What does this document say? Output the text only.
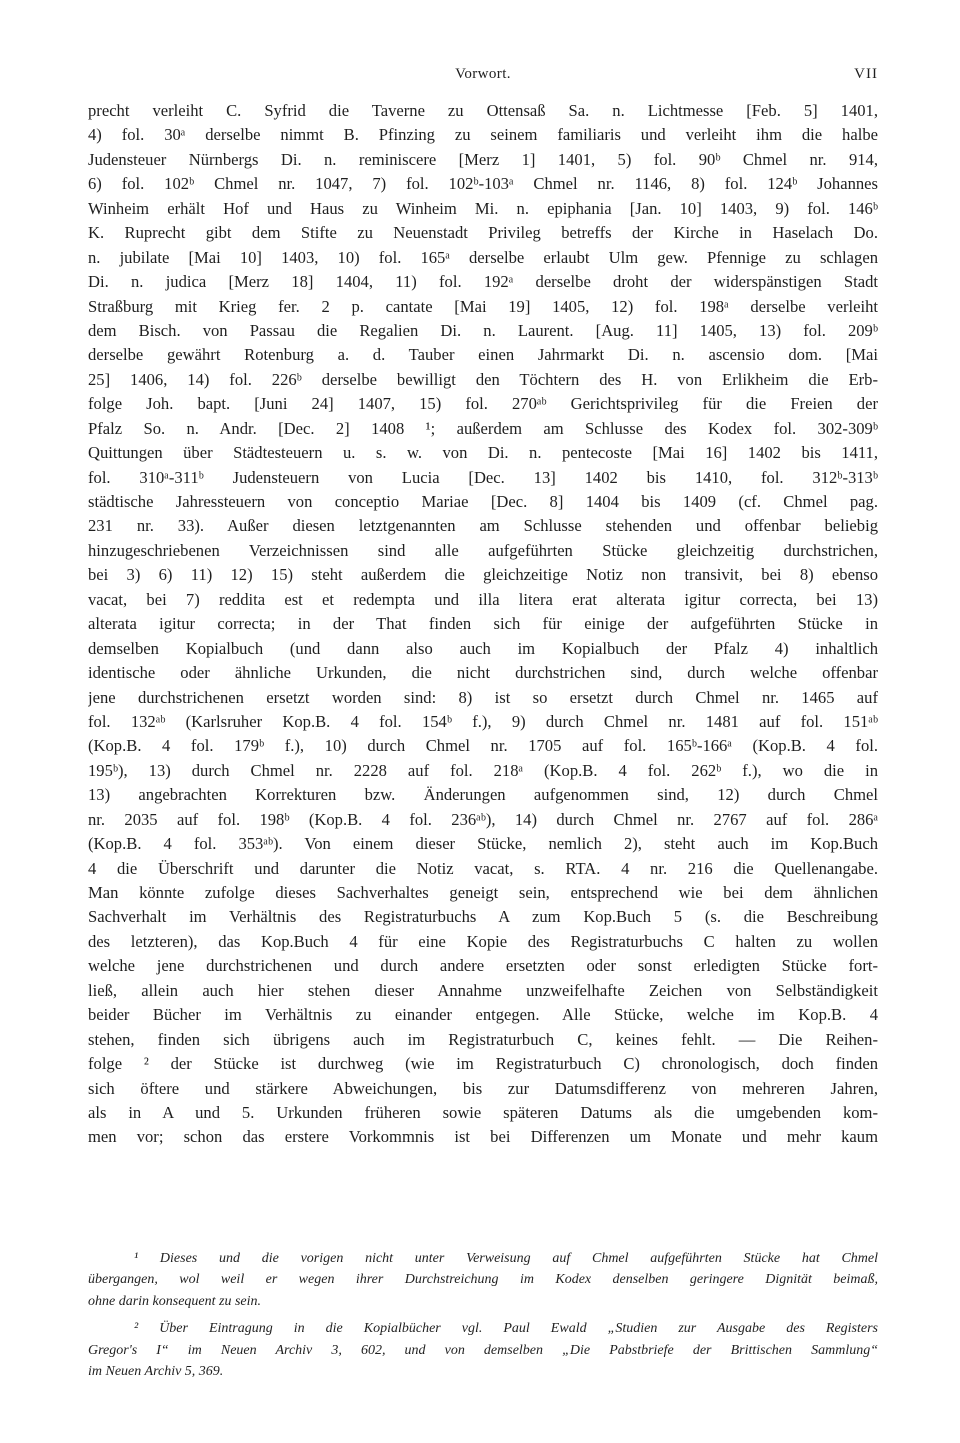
Vorwort.	VII
precht verleiht C. Syfrid die Taverne zu Ottensaß Sa. n. Lichtmesse [Feb. 5] 1401,
4) fol. 30ᵃ derselbe nimmt B. Pfinzing zu seinem familiaris und verleiht ihm die halbe
Judensteuer Nürnbergs Di. n. reminiscere [Merz 1] 1401, 5) fol. 90ᵇ Chmel nr. 914,
6) fol. 102ᵇ Chmel nr. 1047, 7) fol. 102ᵇ-103ᵃ Chmel nr. 1146, 8) fol. 124ᵇ Johannes
Winheim erhält Hof und Haus zu Winheim Mi. n. epiphania [Jan. 10] 1403, 9) fol. 146ᵇ
K. Ruprecht gibt dem Stifte zu Neuenstadt Privileg betreffs der Kirche in Haselach Do.
n. jubilate [Mai 10] 1403, 10) fol. 165ᵃ derselbe erlaubt Ulm gew. Pfennige zu schlagen
Di. n. judica [Merz 18] 1404, 11) fol. 192ᵃ derselbe droht der widerspänstigen Stadt
Straßburg mit Krieg fer. 2 p. cantate [Mai 19] 1405, 12) fol. 198ᵃ derselbe verleiht
dem Bisch. von Passau die Regalien Di. n. Laurent. [Aug. 11] 1405, 13) fol. 209ᵇ
derselbe gewährt Rotenburg a. d. Tauber einen Jahrmarkt Di. n. ascensio dom. [Mai
25] 1406, 14) fol. 226ᵇ derselbe bewilligt den Töchtern des H. von Erlikheim die Erb-
folge Joh. bapt. [Juni 24] 1407, 15) fol. 270ᵃᵇ Gerichtsprivileg für die Freien der
Pfalz So. n. Andr. [Dec. 2] 1408 ¹; außerdem am Schlusse des Kodex fol. 302-309ᵇ
Quittungen über Städtesteuern u. s. w. von Di. n. pentecoste [Mai 16] 1402 bis 1411,
fol. 310ᵃ-311ᵇ Judensteuern von Lucia [Dec. 13] 1402 bis 1410, fol. 312ᵇ-313ᵇ
städtische Jahressteuern von conceptio Mariae [Dec. 8] 1404 bis 1409 (cf. Chmel pag.
231 nr. 33). Außer diesen letztgenannten am Schlusse stehenden und offenbar beliebig
hinzugeschriebenen Verzeichnissen sind alle aufgeführten Stücke gleichzeitig durchstrichen,
bei 3) 6) 11) 12) 15) steht außerdem die gleichzeitige Notiz non transivit, bei 8) ebenso
vacat, bei 7) reddita est et redempta und illa litera erat alterata igitur correcta, bei 13)
alterata igitur correcta; in der That finden sich für einige der aufgeführten Stücke in
demselben Kopialbuch (und dann also auch im Kopialbuch der Pfalz 4) inhaltlich
identische oder ähnliche Urkunden, die nicht durchstrichen sind, durch welche offenbar
jene durchstrichenen ersetzt worden sind: 8) ist so ersetzt durch Chmel nr. 1465 auf
fol. 132ᵃᵇ (Karlsruher Kop.B. 4 fol. 154ᵇ f.), 9) durch Chmel nr. 1481 auf fol. 151ᵃᵇ
(Kop.B. 4 fol. 179ᵇ f.), 10) durch Chmel nr. 1705 auf fol. 165ᵇ-166ᵃ (Kop.B. 4 fol.
195ᵇ), 13) durch Chmel nr. 2228 auf fol. 218ᵃ (Kop.B. 4 fol. 262ᵇ f.), wo die in
13) angebrachten Korrekturen bzw. Änderungen aufgenommen sind, 12) durch Chmel
nr. 2035 auf fol. 198ᵇ (Kop.B. 4 fol. 236ᵃᵇ), 14) durch Chmel nr. 2767 auf fol. 286ᵃ
(Kop.B. 4 fol. 353ᵃᵇ). Von einem dieser Stücke, nemlich 2), steht auch im Kop.Buch
4 die Überschrift und darunter die Notiz vacat, s. RTA. 4 nr. 216 die Quellenangabe.
Man könnte zufolge dieses Sachverhaltes geneigt sein, entsprechend wie bei dem ähnlichen
Sachverhalt im Verhältnis des Registraturbuchs A zum Kop.Buch 5 (s. die Beschreibung
des letzteren), das Kop.Buch 4 für eine Kopie des Registraturbuchs C halten zu wollen
welche jene durchstrichenen und durch andere ersetzten oder sonst erledigten Stücke fort-
ließ, allein auch hier stehen dieser Annahme unzweifelhafte Zeichen von Selbständigkeit
beider Bücher im Verhältnis zu einander entgegen. Alle Stücke, welche im Kop.B. 4
stehen, finden sich übrigens auch im Registraturbuch C, keines fehlt. — Die Reihen-
folge ² der Stücke ist durchweg (wie im Registraturbuch C) chronologisch, doch finden
sich öftere und stärkere Abweichungen, bis zur Datumsdifferenz von mehreren Jahren,
als in A und 5. Urkunden früheren sowie späteren Datums als die umgebenden kom-
men vor; schon das erstere Vorkommnis ist bei Differenzen um Monate und mehr kaum
¹ Dieses und die vorigen nicht unter Verweisung auf Chmel aufgeführten Stücke hat Chmel
übergangen, wol weil er wegen ihrer Durchstreichung im Kodex denselben geringere Dignität beimaß,
ohne darin konsequent zu sein.
² Über Eintragung in die Kopialbücher vgl. Paul Ewald „Studien zur Ausgabe des Registers
Gregor's I“ im Neuen Archiv 3, 602, und von demselben „Die Pabstbriefe der Brittischen Sammlung“
im Neuen Archiv 5, 369.
